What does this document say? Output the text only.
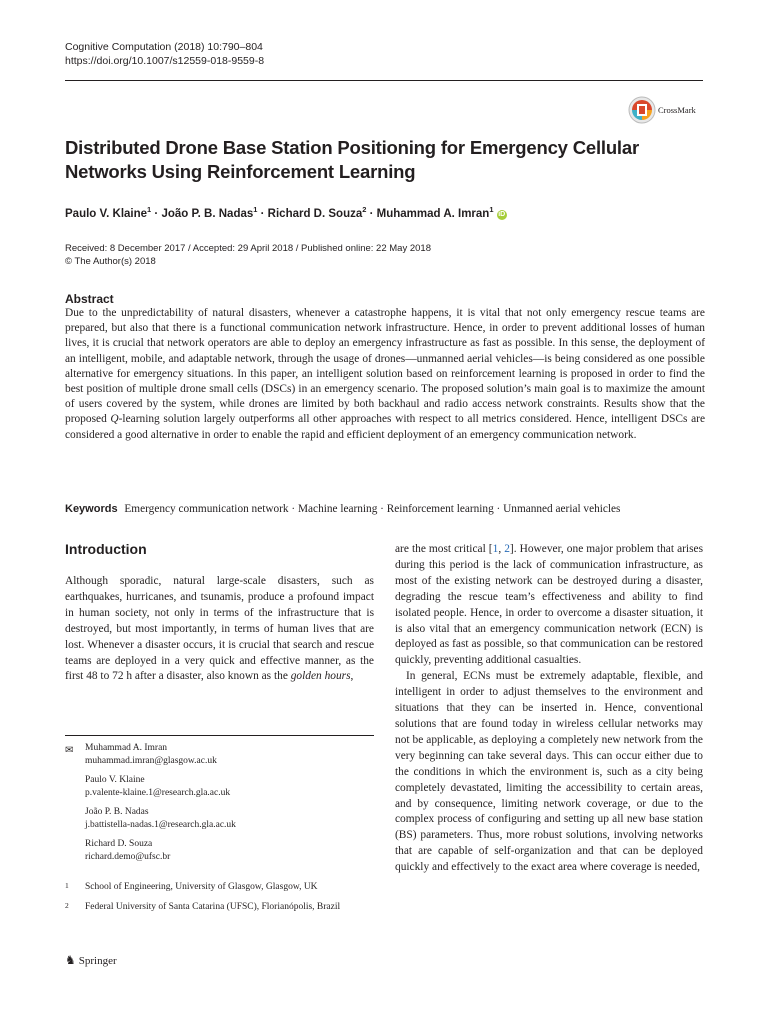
Cognitive Computation (2018) 10:790–804
https://doi.org/10.1007/s12559-018-9559-8
CrossMark
Distributed Drone Base Station Positioning for Emergency Cellular
Networks Using Reinforcement Learning
Paulo V. Klaine$^1$ · João P. B. Nadas$^1$ · Richard D. Souza$^2$ · Muhammad A. Imran$^1$ iD
Received: 8 December 2017 / Accepted: 29 April 2018 / Published online: 22 May 2018
© The Author(s) 2018
Abstract
Due to the unpredictability of natural disasters, whenever a catastrophe happens, it is vital that not only emergency rescue teams are prepared, but also that there is a functional communication network infrastructure. Hence, in order to prevent additional losses of human lives, it is crucial that network operators are able to deploy an emergency infrastructure as fast as possible. In this sense, the deployment of an intelligent, mobile, and adaptable network, through the usage of drones—unmanned aerial vehicles—is being considered as one possible alternative for emergency situations. In this paper, an intelligent solution based on reinforcement learning is proposed in order to find the best position of multiple drone small cells (DSCs) in an emergency scenario. The proposed solution’s main goal is to maximize the amount of users covered by the system, while drones are limited by both backhaul and radio access network constraints. Results show that the proposed Q-learning solution largely outperforms all other approaches with respect to all metrics considered. Hence, intelligent DSCs are considered a good alternative in order to enable the rapid and efficient deployment of an emergency communication network.
Keywords Emergency communication network · Machine learning · Reinforcement learning · Unmanned aerial vehicles
Introduction
Although sporadic, natural large-scale disasters, such as earthquakes, hurricanes, and tsunamis, produce a profound impact in human society, not only in terms of the infrastructure that is destroyed, but most importantly, in terms of human lives that are lost. Whenever a disaster occurs, it is crucial that search and rescue teams are deployed in a very quick and effective manner, as the first 48 to 72 h after a disaster, also known as the golden hours,
are the most critical [1, 2]. However, one major problem that arises during this period is the lack of communication infrastructure, as most of the existing network can be destroyed during a disaster, degrading the rescue team’s effectiveness and ability to find isolated people. Hence, in order to overcome a disaster situation, it is also vital that an emergency communication network (ECN) is deployed as fast as possible, so that communication can be restored quickly, preventing additional casualties.
In general, ECNs must be extremely adaptable, flexible, and intelligent in order to adjust themselves to the environment and situations that they can be inserted in. Hence, conventional solutions that are found today in wireless cellular networks may not be applicable, as deploying a completely new network from the very beginning can take several days. This can occur either due to the conditions in which the environment is, such as a city being completely devastated, limiting the accessibility to certain areas, and by consequence, limiting network coverage, or due to the complex process of configuring and setting up all new base station (BS) parameters. Thus, more robust solutions, involving networks that are capable of self-organization and that can be deployed quickly and effectively to the exact area where coverage is needed,
✉ Muhammad A. Imran
muhammad.imran@glasgow.ac.uk
Paulo V. Klaine
p.valente-klaine.1@research.gla.ac.uk
João P. B. Nadas
j.battistella-nadas.1@research.gla.ac.uk
Richard D. Souza
richard.demo@ufsc.br
1 School of Engineering, University of Glasgow, Glasgow, UK
2 Federal University of Santa Catarina (UFSC), Florianópolis, Brazil
♞ Springer
